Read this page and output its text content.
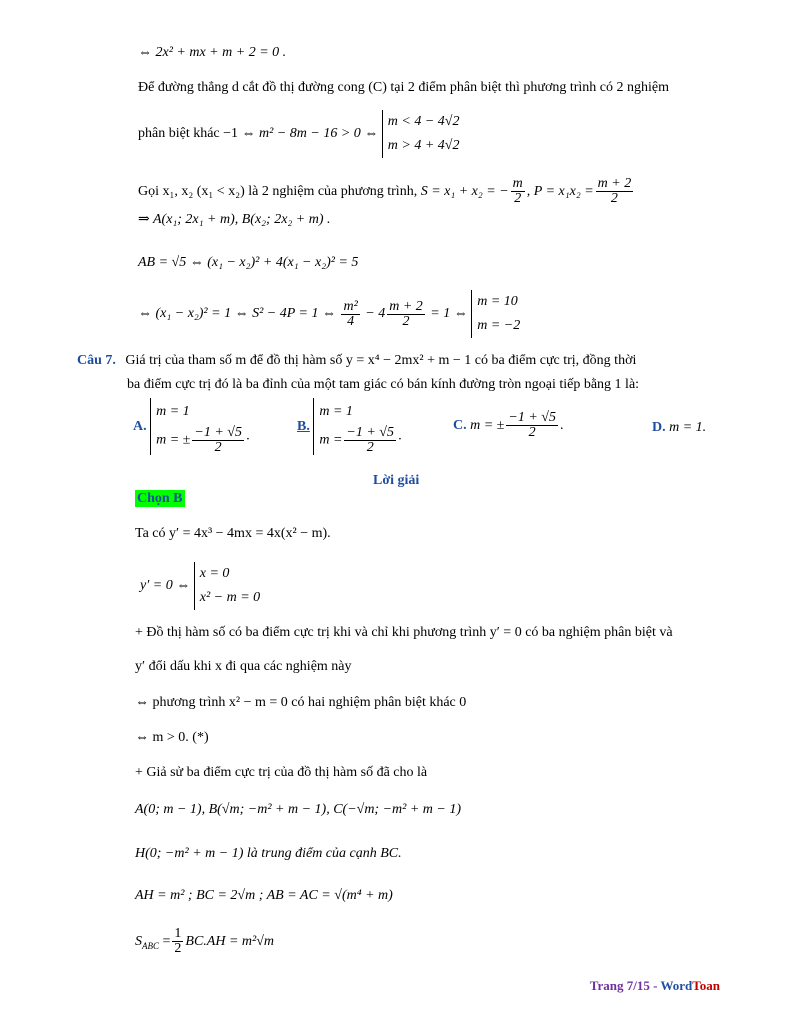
⇔ 2x² + mx + m + 2 = 0 .
Để đường thẳng d cắt đồ thị đường cong (C) tại 2 điểm phân biệt thì phương trình có 2 nghiệm
phân biệt khác −1 ⇔ m² − 8m − 16 > 0 ⇔
m < 4 − 4√2
m > 4 + 4√2
Gọi x₁, x₂ (x₁ < x₂) là 2 nghiệm của phương trình, S = x₁ + x₂ = − $\frac{m}{2}$ , $P = x_1x_2 = \frac{m + 2}{2}$
⇒ A(x₁; 2x₁ + m), B(x₂; 2x₂ + m) .
AB = √5 ⇔ (x₁ − x₂)² + 4(x₁ − x₂)² = 5
⇔ (x₁ − x₂)² = 1 ⇔ S² − 4P = 1 ⇔ $\frac{\text{m²}}{4} - 4 \frac{m + 2}{2} = 1$ ⇔
m = 10
m = −2
Câu 7. Giá trị của tham số m để đồ thị hàm số y = x⁴ − 2mx² + m − 1 có ba điểm cực trị, đồng thời
ba điểm cực trị đó là ba đỉnh của một tam giác có bán kính đường tròn ngoại tiếp bằng 1 là:
A.
m = 1
m = ± $\frac{-1 + √5}{2}$ ·
B.
m = 1
$m = \frac{-1 + √5}{2}$ ·
C. m = ± $\frac{-1 + √5}{2}$ .	D. m = 1.
Lời giải
Chọn B
Ta có y′ = 4x³ − 4mx = 4x(x² − m).
y′ = 0 ⇔
x = 0
x² − m = 0
+ Đồ thị hàm số có ba điểm cực trị khi và chỉ khi phương trình y′ = 0 có ba nghiệm phân biệt và
y′ đổi dấu khi x đi qua các nghiệm này
⇔ phương trình x² − m = 0 có hai nghiệm phân biệt khác 0
⇔ m > 0. (*)
+ Giả sử ba điểm cực trị của đồ thị hàm số đã cho là
A(0; m − 1), B(√m; −m² + m − 1), C(−√m; −m² + m − 1)
H(0; −m² + m − 1) là trung điểm của cạnh BC.
AH = m² ; BC = 2√m ; AB = AC = √(m⁴ + m)
$S_{ABC} = \frac{1}{2} BC.AH = m^2√m$
Trang 7/15 - WordToan
